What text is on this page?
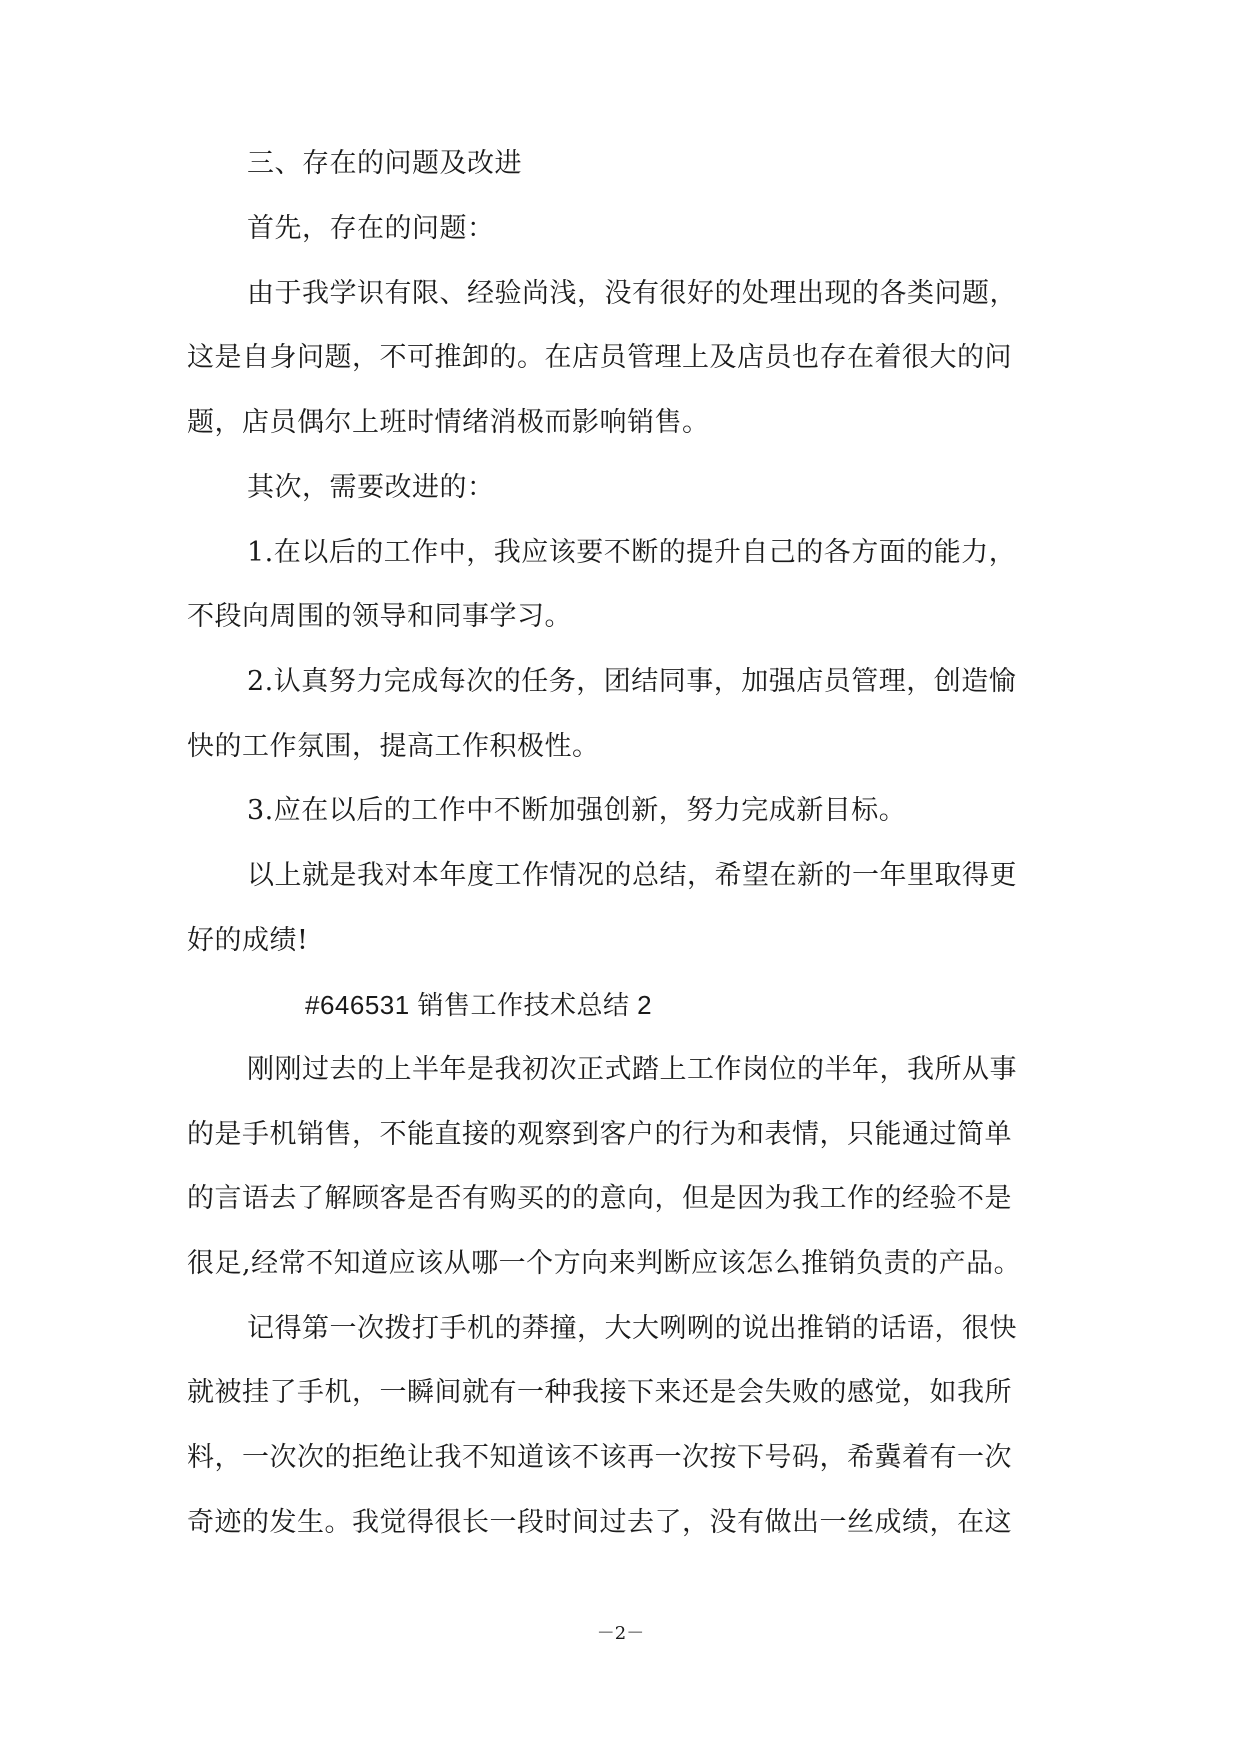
三、存在的问题及改进
首先，存在的问题：
由于我学识有限、经验尚浅，没有很好的处理出现的各类问题，
这是自身问题，不可推卸的。在店员管理上及店员也存在着很大的问
题，店员偶尔上班时情绪消极而影响销售。
其次，需要改进的：
1.在以后的工作中，我应该要不断的提升自己的各方面的能力，
不段向周围的领导和同事学习。
2.认真努力完成每次的任务，团结同事，加强店员管理，创造愉
快的工作氛围，提高工作积极性。
3.应在以后的工作中不断加强创新，努力完成新目标。
以上就是我对本年度工作情况的总结，希望在新的一年里取得更
好的成绩!
#646531 销售工作技术总结 2
刚刚过去的上半年是我初次正式踏上工作岗位的半年，我所从事
的是手机销售，不能直接的观察到客户的行为和表情，只能通过简单
的言语去了解顾客是否有购买的的意向，但是因为我工作的经验不是
很足,经常不知道应该从哪一个方向来判断应该怎么推销负责的产品。
记得第一次拨打手机的莽撞，大大咧咧的说出推销的话语，很快
就被挂了手机，一瞬间就有一种我接下来还是会失败的感觉，如我所
料，一次次的拒绝让我不知道该不该再一次按下号码，希冀着有一次
奇迹的发生。我觉得很长一段时间过去了，没有做出一丝成绩，在这
－2－
